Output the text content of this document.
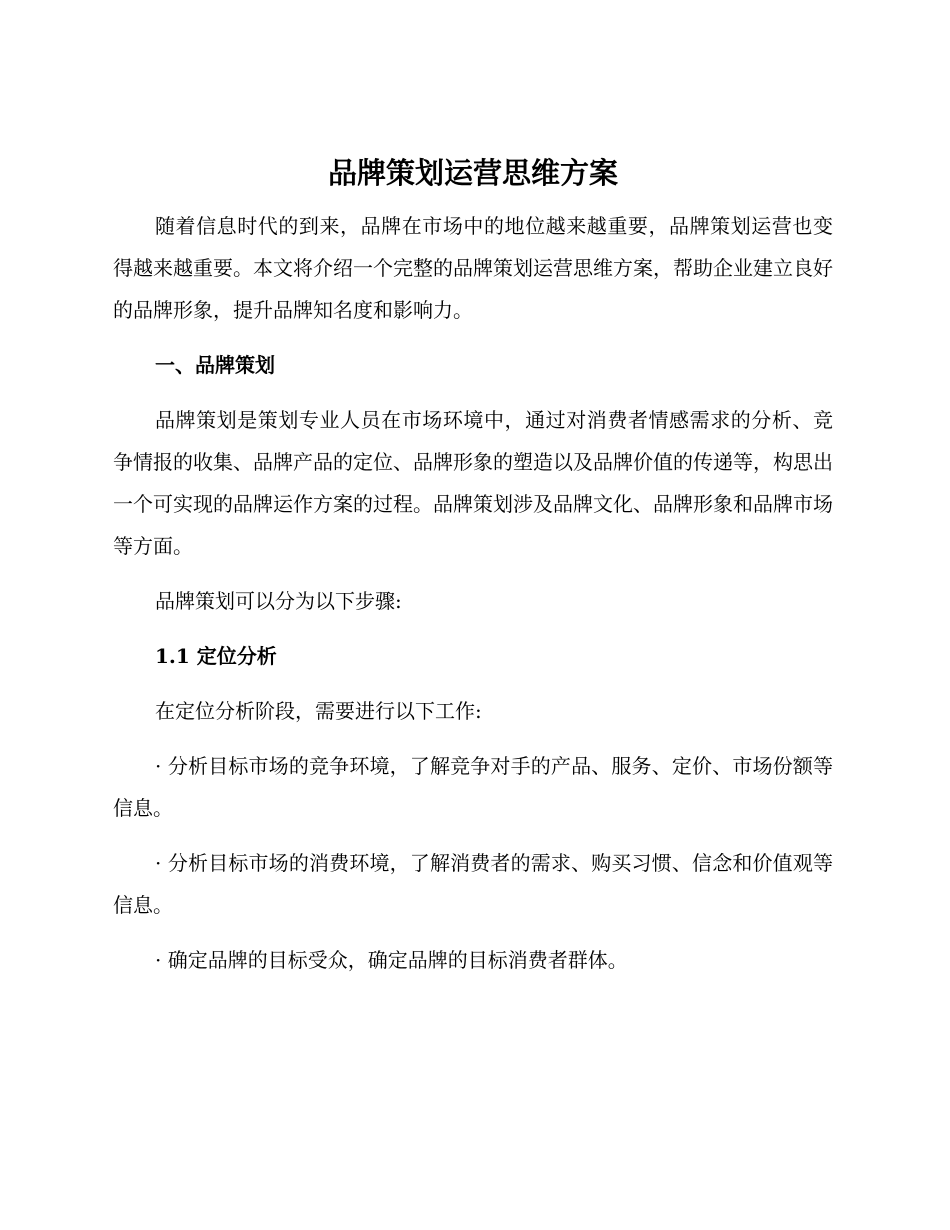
品牌策划运营思维方案

随着信息时代的到来，品牌在市场中的地位越来越重要，品牌策划运营也变得越来越重要。本文将介绍一个完整的品牌策划运营思维方案，帮助企业建立良好的品牌形象，提升品牌知名度和影响力。

一、品牌策划

品牌策划是策划专业人员在市场环境中，通过对消费者情感需求的分析、竞争情报的收集、品牌产品的定位、品牌形象的塑造以及品牌价值的传递等，构思出一个可实现的品牌运作方案的过程。品牌策划涉及品牌文化、品牌形象和品牌市场等方面。

品牌策划可以分为以下步骤:

1.1 定位分析

在定位分析阶段，需要进行以下工作:

· 分析目标市场的竞争环境，了解竞争对手的产品、服务、定价、市场份额等信息。

· 分析目标市场的消费环境，了解消费者的需求、购买习惯、信念和价值观等信息。

· 确定品牌的目标受众，确定品牌的目标消费者群体。
